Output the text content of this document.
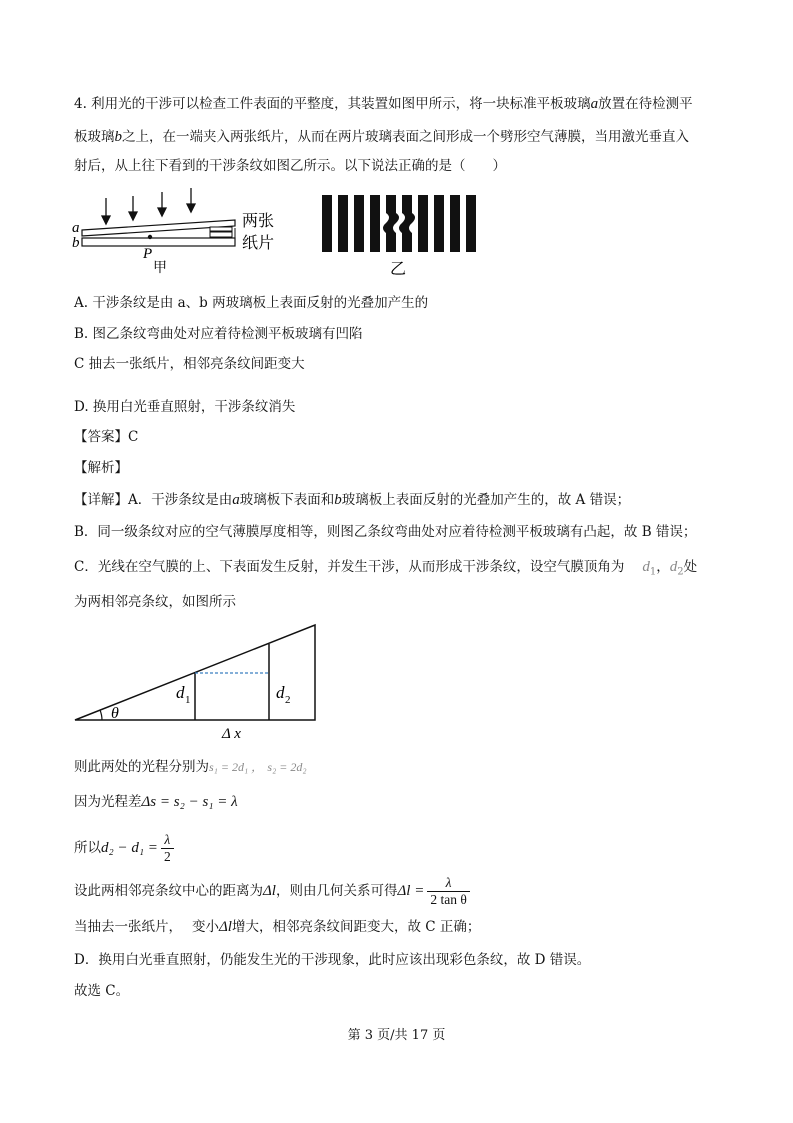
4. 利用光的干涉可以检查工件表面的平整度，其装置如图甲所示，将一块标准平板玻璃a放置在待检测平
板玻璃b之上，在一端夹入两张纸片，从而在两片玻璃表面之间形成一个劈形空气薄膜，当用激光垂直入
射后，从上往下看到的干涉条纹如图乙所示。以下说法正确的是（　　）
a
b
P
甲
两张
纸片
乙
A. 干涉条纹是由 a、b 两玻璃板上表面反射的光叠加产生的
B. 图乙条纹弯曲处对应着待检测平板玻璃有凹陷
C 抽去一张纸片，相邻亮条纹间距变大
D. 换用白光垂直照射，干涉条纹消失
【答案】C
【解析】
【详解】A．干涉条纹是由a玻璃板下表面和b玻璃板上表面反射的光叠加产生的，故 A 错误；
B．同一级条纹对应的空气薄膜厚度相等，则图乙条纹弯曲处对应着待检测平板玻璃有凸起，故 B 错误；
C．光线在空气膜的上、下表面发生反射，并发生干涉，从而形成干涉条纹，设空气膜顶角为 $d_1$，$d_2$处
为两相邻亮条纹，如图所示
θ
d 1	d 2
Δ x
则此两处的光程分别为s₁ = 2d₁ ， s₂ = 2d₂
因为光程差Δs = s₂ − s₁ = λ
所以$d_2 - d_1 = \frac{\lambda}{2}$
设此两相邻亮条纹中心的距离为Δl，则由几何关系可得$\Delta l = \frac{\lambda}{\text{2 tan θ}}$
当抽去一张纸片， 变小Δl增大，相邻亮条纹间距变大，故 C 正确；
D．换用白光垂直照射，仍能发生光的干涉现象，此时应该出现彩色条纹，故 D 错误。
故选 C。
第 3 页/共 17 页
